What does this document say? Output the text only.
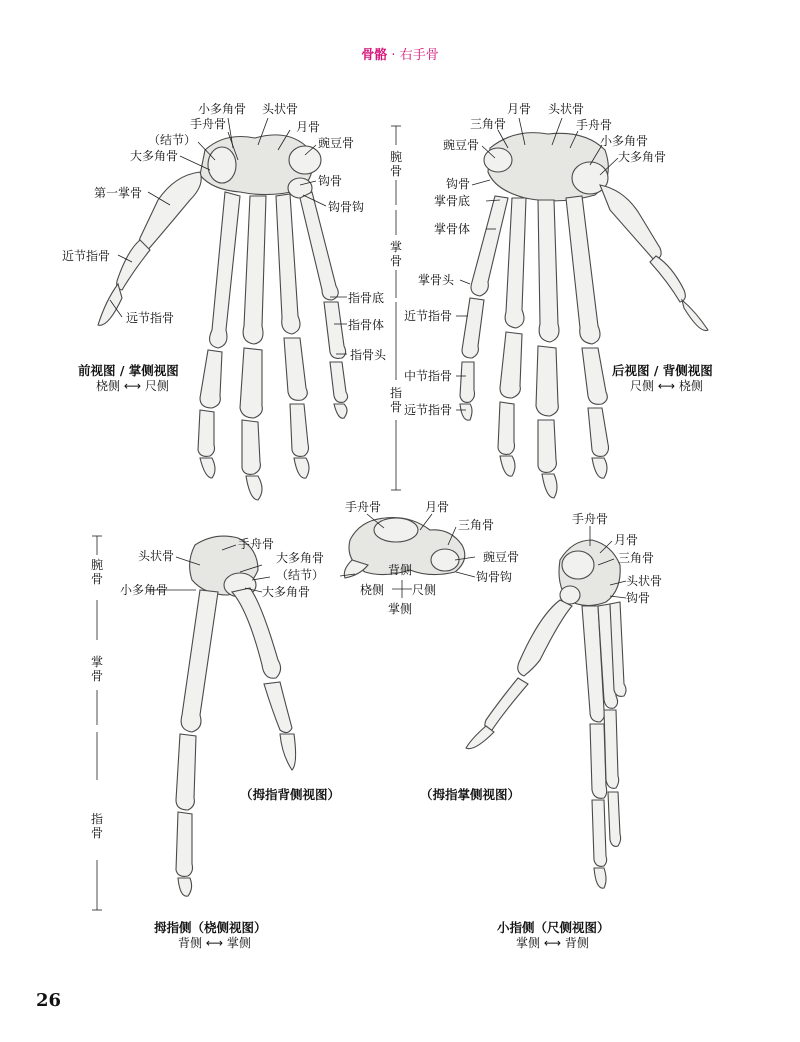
骨骼 · 右手骨
小多角骨 头状骨
手舟骨	月骨
（结节）	豌豆骨
大多角骨
钩骨
第一掌骨
钩骨钩
近节指骨
远节指骨
指骨底
指骨体
指骨头
前视图 / 掌侧视图
桡侧 ⟷ 尺侧
腕骨
掌骨
指骨
月骨 头状骨
三角骨	手舟骨
豌豆骨	小多角骨
大多角骨
钩骨
掌骨底
掌骨体
掌骨头
近节指骨
中节指骨
远节指骨
后视图 / 背侧视图
尺侧 ⟷ 桡侧
手舟骨	月骨
三角骨
豌豆骨
钩骨钩
背侧
桡侧 尺侧
掌侧
手舟骨
头状骨	大多角骨
（结节）
小多角骨	大多角骨
腕骨
掌骨
指骨
（拇指背侧视图）
拇指侧（桡侧视图）
背侧 ⟷ 掌侧
手舟骨
月骨
三角骨
头状骨
钩骨
（拇指掌侧视图）
小指侧（尺侧视图）
掌侧 ⟷ 背侧
26
